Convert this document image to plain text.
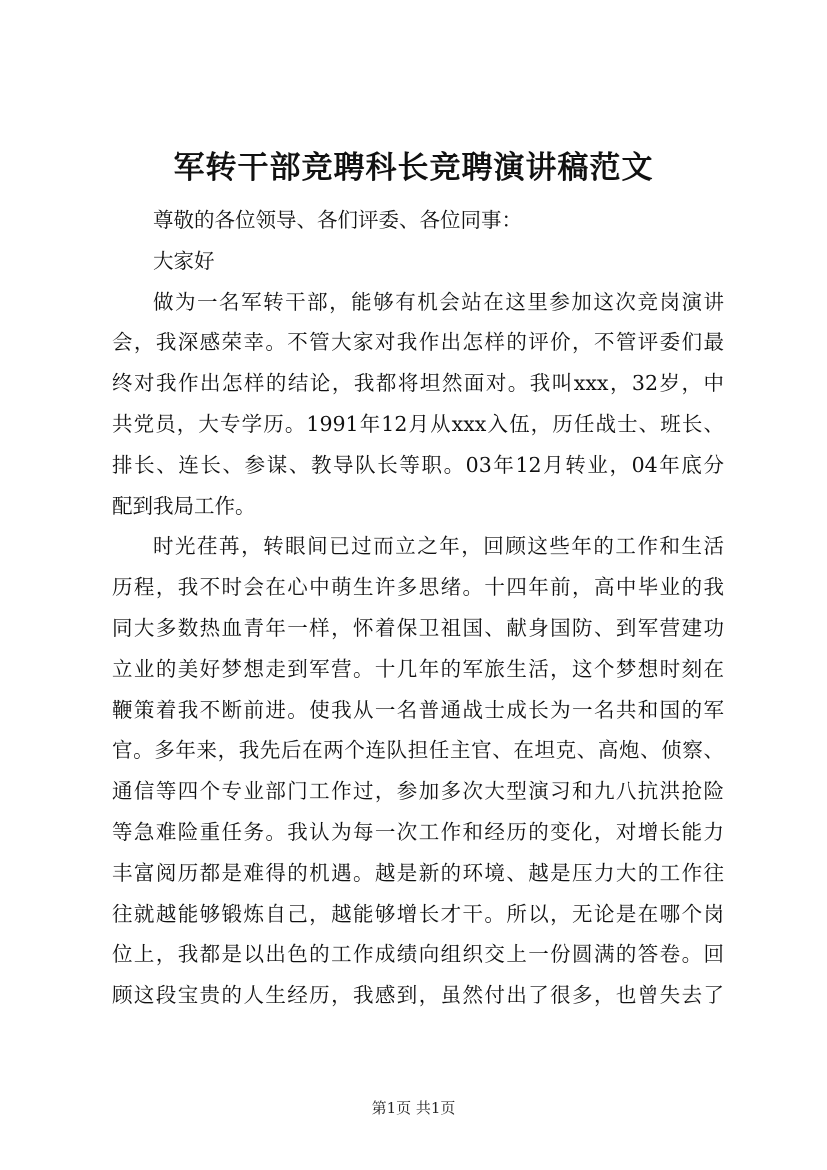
军转干部竞聘科长竞聘演讲稿范文
尊敬的各位领导、各们评委、各位同事：
大家好
做为一名军转干部，能够有机会站在这里参加这次竞岗演讲
会，我深感荣幸。不管大家对我作出怎样的评价，不管评委们最
终对我作出怎样的结论，我都将坦然面对。我叫xxx，32岁，中
共党员，大专学历。1991年12月从xxx入伍，历任战士、班长、
排长、连长、参谋、教导队长等职。03年12月转业，04年底分
配到我局工作。
时光荏苒，转眼间已过而立之年，回顾这些年的工作和生活
历程，我不时会在心中萌生许多思绪。十四年前，高中毕业的我
同大多数热血青年一样，怀着保卫祖国、献身国防、到军营建功
立业的美好梦想走到军营。十几年的军旅生活，这个梦想时刻在
鞭策着我不断前进。使我从一名普通战士成长为一名共和国的军
官。多年来，我先后在两个连队担任主官、在坦克、高炮、侦察、
通信等四个专业部门工作过，参加多次大型演习和九八抗洪抢险
等急难险重任务。我认为每一次工作和经历的变化，对增长能力
丰富阅历都是难得的机遇。越是新的环境、越是压力大的工作往
往就越能够锻炼自己，越能够增长才干。所以，无论是在哪个岗
位上，我都是以出色的工作成绩向组织交上一份圆满的答卷。回
顾这段宝贵的人生经历，我感到，虽然付出了很多，也曾失去了
第1页 共1页
